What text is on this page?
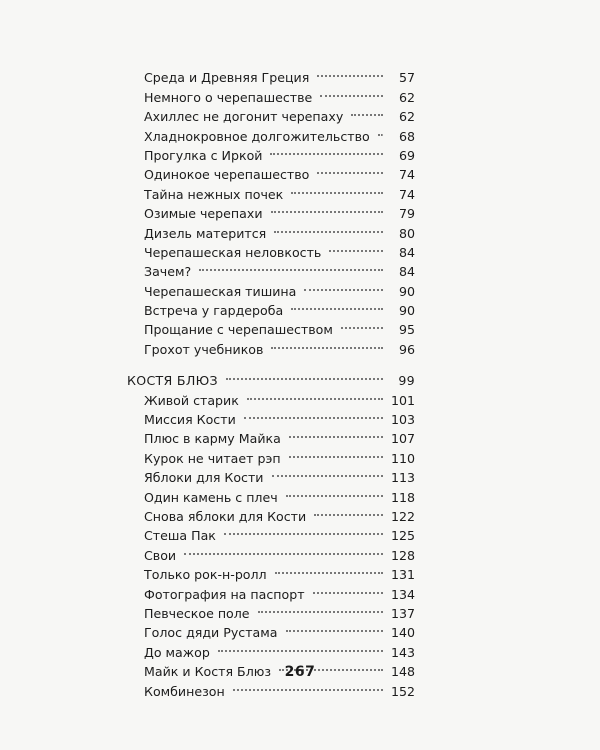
Среда и Древняя Греция	57
Немного о черепашестве	62
Ахиллес не догонит черепаху	62
Хладнокровное долгожительство	68
Прогулка с Иркой	69
Одинокое черепашество	74
Тайна нежных почек	74
Озимые черепахи	79
Дизель матерится	80
Черепашеская неловкость	84
Зачем?	84
Черепашеская тишина	90
Встреча у гардероба	90
Прощание с черепашеством	95
Грохот учебников	96
КОСТЯ БЛЮЗ	99
Живой старик	101
Миссия Кости	103
Плюс в карму Майка	107
Курок не читает рэп	110
Яблоки для Кости	113
Один камень с плеч	118
Снова яблоки для Кости	122
Стеша Пак	125
Свои	128
Только рок-н-ролл	131
Фотография на паспорт	134
Певческое поле	137
Голос дяди Рустама	140
До мажор	143
Майк и Костя Блюз	148
Комбинезон	152
267
